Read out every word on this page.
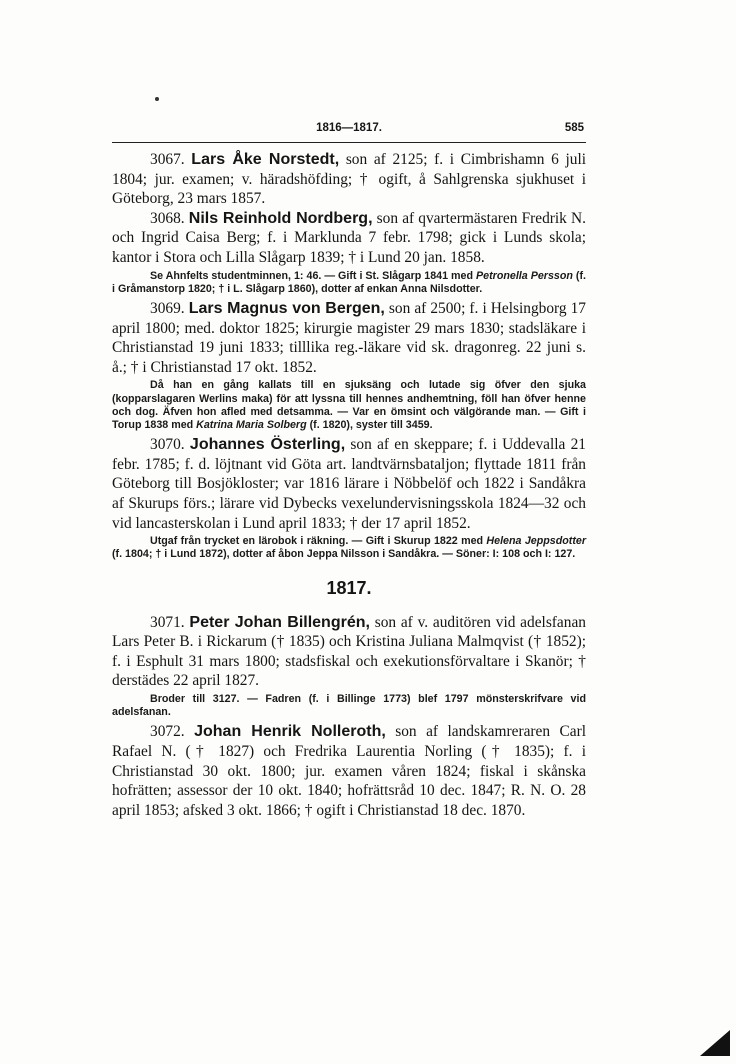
1816—1817.	585

3067. Lars Åke Norstedt, son af 2125; f. i Cimbrishamn 6 juli 1804; jur. examen; v. häradshöfding; † ogift, å Sahlgrenska sjukhuset i Göteborg, 23 mars 1857.

3068. Nils Reinhold Nordberg, son af qvartermästaren Fredrik N. och Ingrid Caisa Berg; f. i Marklunda 7 febr. 1798; gick i Lunds skola; kantor i Stora och Lilla Slågarp 1839; † i Lund 20 jan. 1858.

Se Ahnfelts studentminnen, 1: 46. — Gift i St. Slågarp 1841 med Petronella Persson (f. i Gråmanstorp 1820; † i L. Slågarp 1860), dotter af enkan Anna Nilsdotter.

3069. Lars Magnus von Bergen, son af 2500; f. i Helsingborg 17 april 1800; med. doktor 1825; kirurgie magister 29 mars 1830; stadsläkare i Christianstad 19 juni 1833; tilllika reg.-läkare vid sk. dragonreg. 22 juni s. å.; † i Christianstad 17 okt. 1852.

Då han en gång kallats till en sjuksäng och lutade sig öfver den sjuka (kopparslagaren Werlins maka) för att lyssna till hennes andhemtning, föll han öfver henne och dog. Äfven hon afled med detsamma. — Var en ömsint och välgörande man. — Gift i Torup 1838 med Katrina Maria Solberg (f. 1820), syster till 3459.

3070. Johannes Österling, son af en skeppare; f. i Uddevalla 21 febr. 1785; f. d. löjtnant vid Göta art. landtvärnsbataljon; flyttade 1811 från Göteborg till Bosjökloster; var 1816 lärare i Nöbbelöf och 1822 i Sandåkra af Skurups förs.; lärare vid Dybecks vexelundervisningsskola 1824—32 och vid lancasterskolan i Lund april 1833; † der 17 april 1852.

Utgaf från trycket en lärobok i räkning. — Gift i Skurup 1822 med Helena Jeppsdotter (f. 1804; † i Lund 1872), dotter af åbon Jeppa Nilsson i Sandåkra. — Söner: I: 108 och I: 127.

1817.

3071. Peter Johan Billengrén, son af v. auditören vid adelsfanan Lars Peter B. i Rickarum († 1835) och Kristina Juliana Malmqvist († 1852); f. i Esphult 31 mars 1800; stadsfiskal och exekutionsförvaltare i Skanör; † derstädes 22 april 1827.

Broder till 3127. — Fadren (f. i Billinge 1773) blef 1797 mönsterskrifvare vid adelsfanan.

3072. Johan Henrik Nolleroth, son af landskamreraren Carl Rafael N. († 1827) och Fredrika Laurentia Norling († 1835); f. i Christianstad 30 okt. 1800; jur. examen våren 1824; fiskal i skånska hofrätten; assessor der 10 okt. 1840; hofrättsråd 10 dec. 1847; R. N. O. 28 april 1853; afsked 3 okt. 1866; † ogift i Christianstad 18 dec. 1870.
